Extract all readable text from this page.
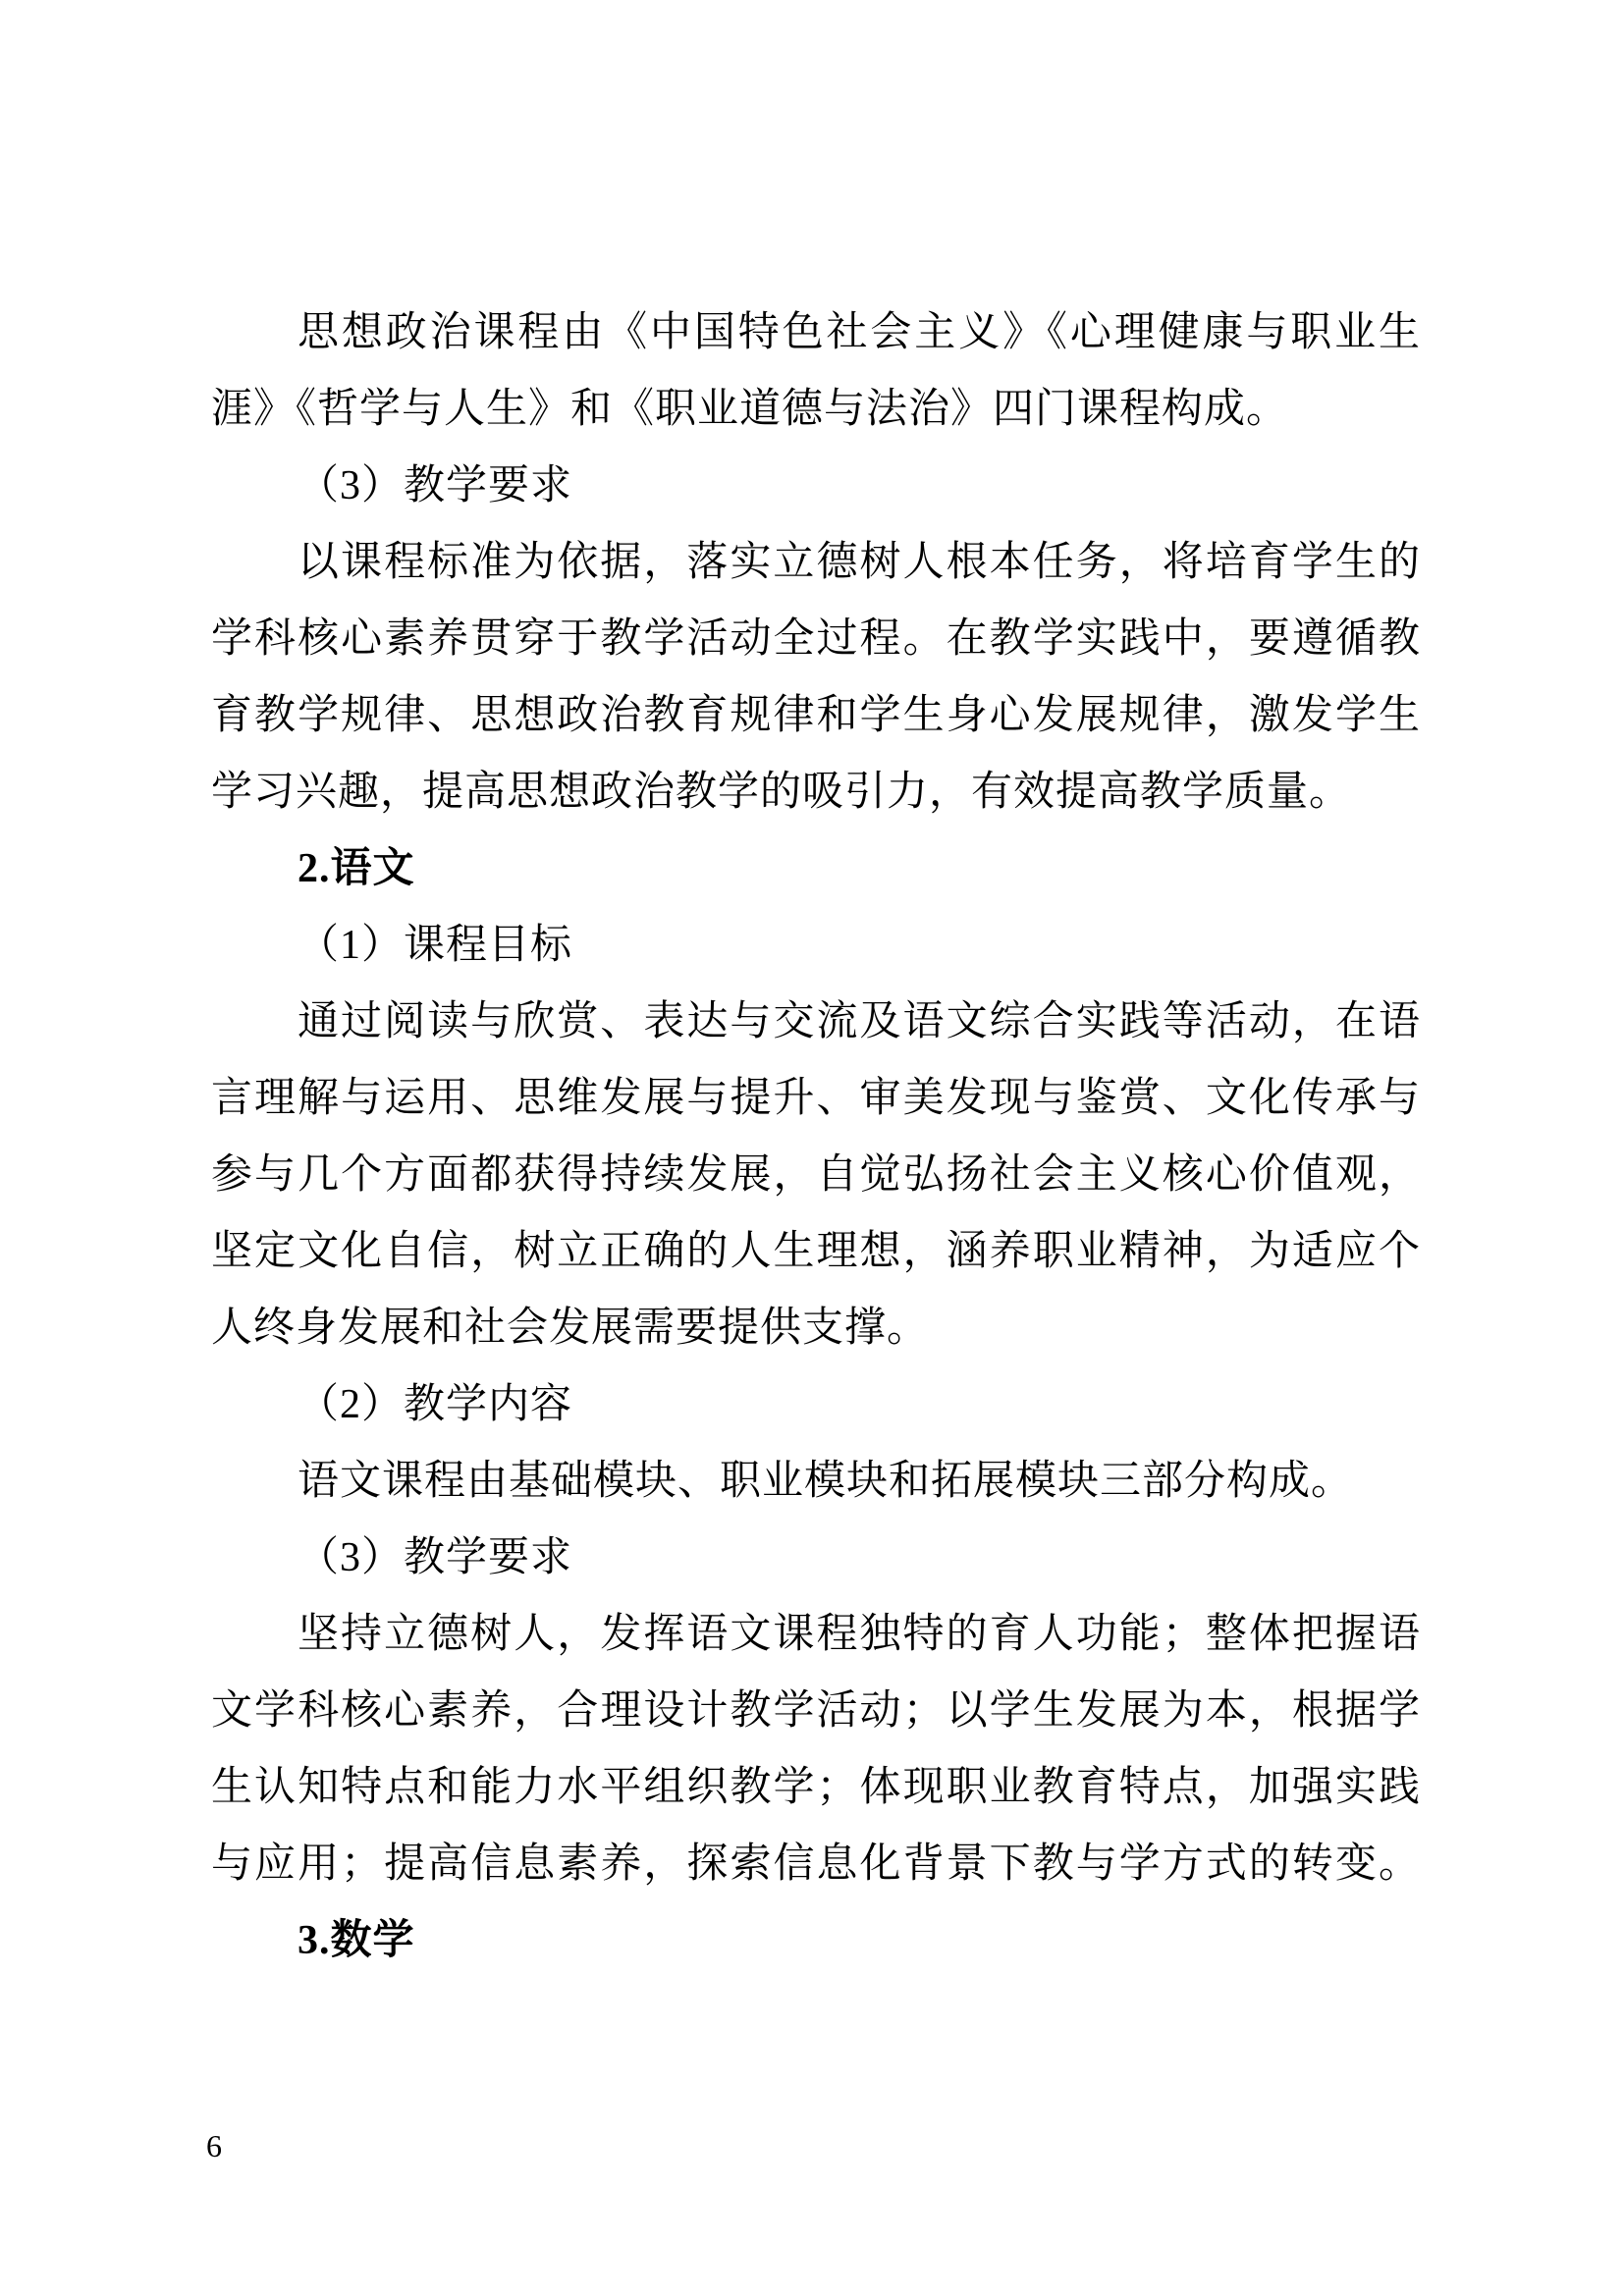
思想政治课程由《中国特色社会主义》《心理健康与职业生
涯》《哲学与人生》和《职业道德与法治》四门课程构成。
（3）教学要求
以课程标准为依据，落实立德树人根本任务，将培育学生的
学科核心素养贯穿于教学活动全过程。在教学实践中，要遵循教
育教学规律、思想政治教育规律和学生身心发展规律，激发学生
学习兴趣，提高思想政治教学的吸引力，有效提高教学质量。
2.语文
（1）课程目标
通过阅读与欣赏、表达与交流及语文综合实践等活动，在语
言理解与运用、思维发展与提升、审美发现与鉴赏、文化传承与
参与几个方面都获得持续发展，自觉弘扬社会主义核心价值观，
坚定文化自信，树立正确的人生理想，涵养职业精神，为适应个
人终身发展和社会发展需要提供支撑。
（2）教学内容
语文课程由基础模块、职业模块和拓展模块三部分构成。
（3）教学要求
坚持立德树人，发挥语文课程独特的育人功能；整体把握语
文学科核心素养，合理设计教学活动；以学生发展为本，根据学
生认知特点和能力水平组织教学；体现职业教育特点，加强实践
与应用；提高信息素养，探索信息化背景下教与学方式的转变。
3.数学
6
